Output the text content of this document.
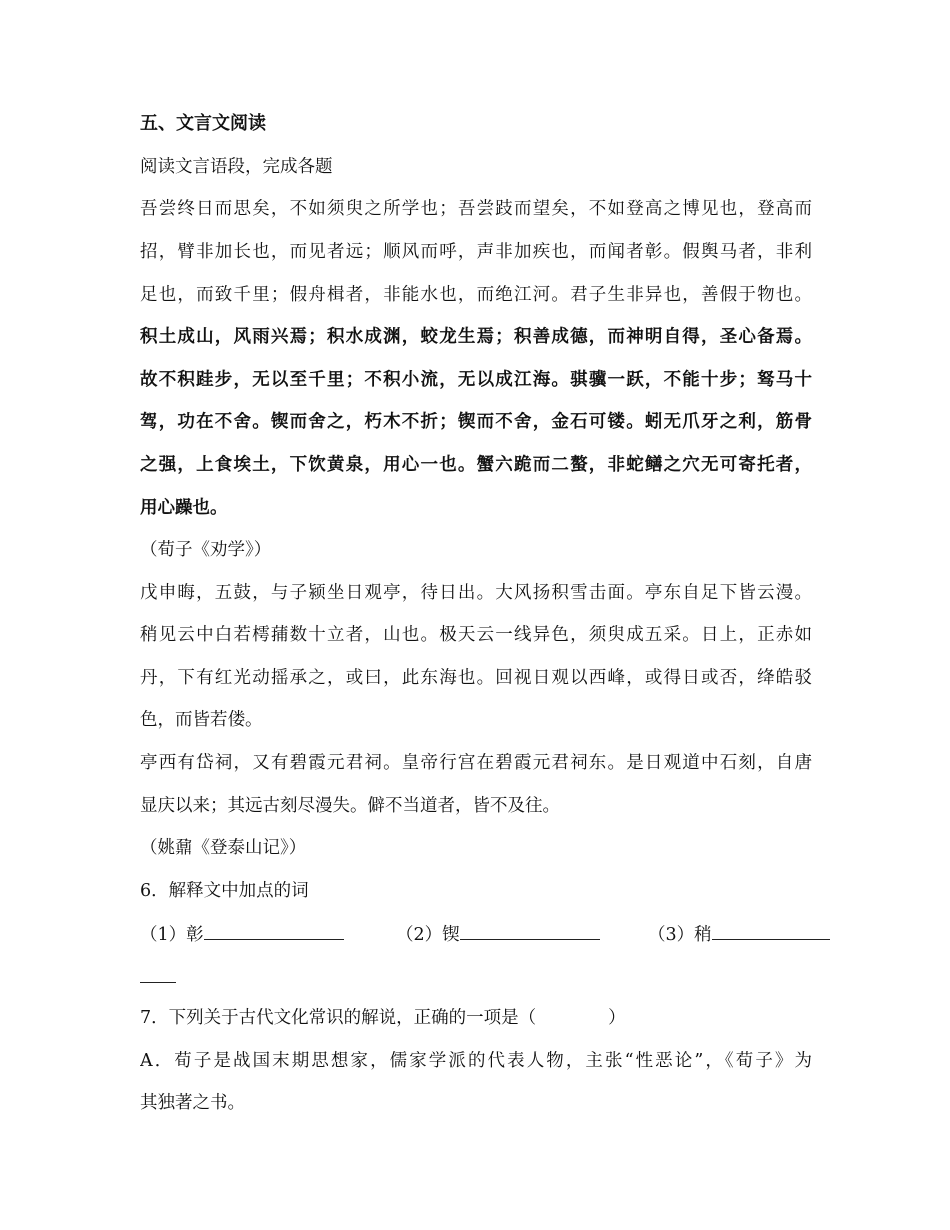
五、文言文阅读
阅读文言语段，完成各题
吾尝终日而思矣，不如须臾之所学也；吾尝跂而望矣，不如登高之博见也，登高而
招，臂非加长也，而见者远；顺风而呼，声非加疾也，而闻者彰。假舆马者，非利
足也，而致千里；假舟楫者，非能水也，而绝江河。君子生非异也，善假于物也。
积土成山，风雨兴焉；积水成渊，蛟龙生焉；积善成德，而神明自得，圣心备焉。
故不积跬步，无以至千里；不积小流，无以成江海。骐骥一跃，不能十步；驽马十
驾，功在不舍。锲而舍之，朽木不折；锲而不舍，金石可镂。蚓无爪牙之利，筋骨
之强，上食埃土，下饮黄泉，用心一也。蟹六跪而二螯，非蛇鳝之穴无可寄托者，
用心躁也。
（荀子《劝学》）
戊申晦，五鼓，与子颍坐日观亭，待日出。大风扬积雪击面。亭东自足下皆云漫。
稍见云中白若樗蒱数十立者，山也。极天云一线异色，须臾成五采。日上，正赤如
丹，下有红光动摇承之，或曰，此东海也。回视日观以西峰，或得日或否，绛皓驳
色，而皆若偻。
亭西有岱祠，又有碧霞元君祠。皇帝行宫在碧霞元君祠东。是日观道中石刻，自唐
显庆以来；其远古刻尽漫失。僻不当道者，皆不及往。
（姚鼐《登泰山记》）
6．解释文中加点的词
（1）彰	（2）锲	（3）稍
7．下列关于古代文化常识的解说，正确的一项是（	）
A．荀子是战国末期思想家，儒家学派的代表人物，主张“性恶论”，《荀子》为
其独著之书。
